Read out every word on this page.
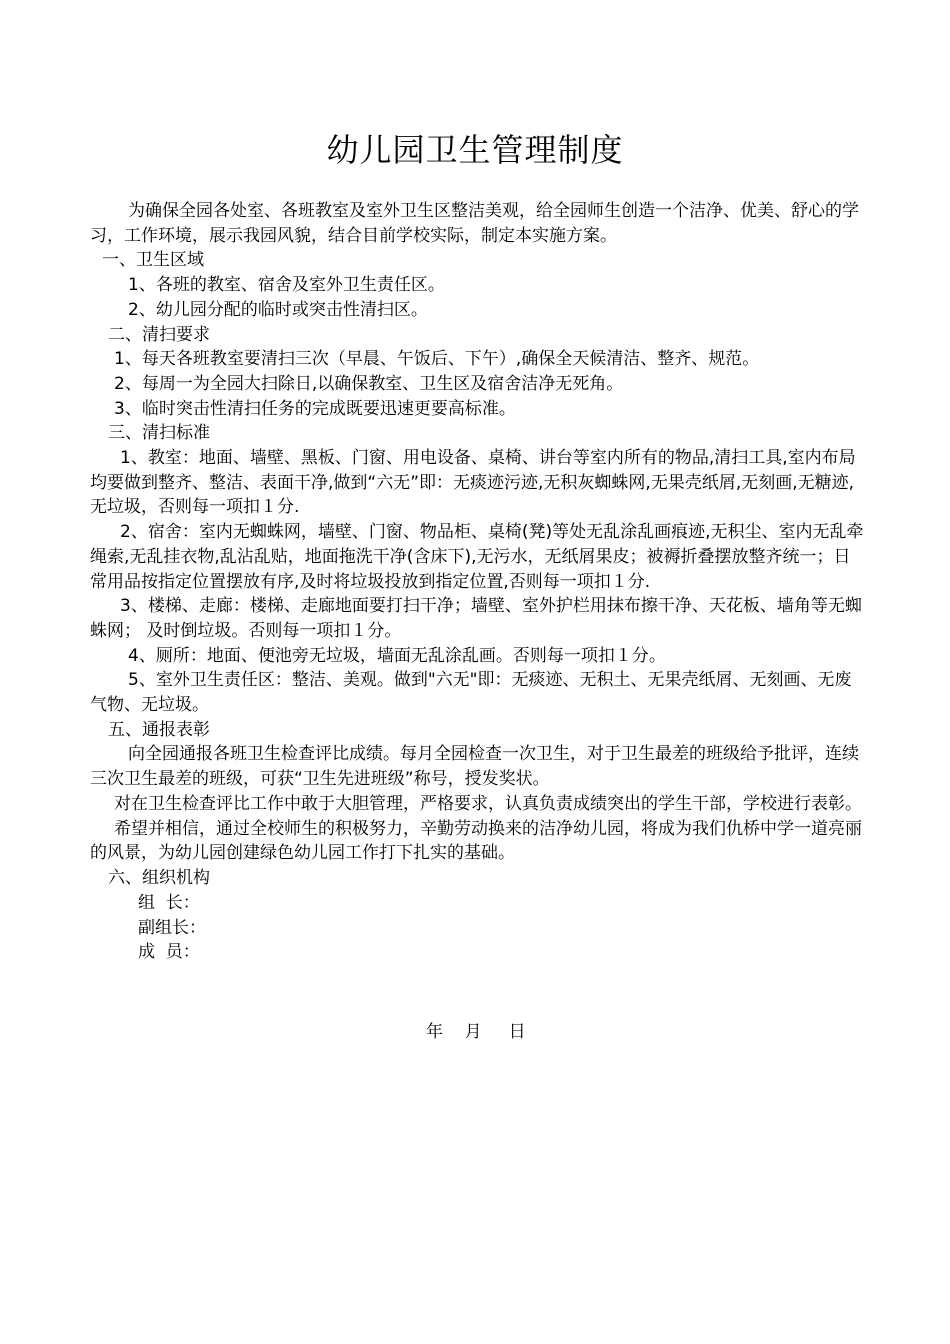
幼儿园卫生管理制度

为确保全园各处室、各班教室及室外卫生区整洁美观，给全园师生创造一个洁净、优美、舒心的学习，工作环境，展示我园风貌，结合目前学校实际，制定本实施方案。

一、卫生区域

1、各班的教室、宿舍及室外卫生责任区。

2、幼儿园分配的临时或突击性清扫区。

二、清扫要求

1、每天各班教室要清扫三次（早晨、午饭后、下午）,确保全天候清洁、整齐、规范。

2、每周一为全园大扫除日,以确保教室、卫生区及宿舍洁净无死角。

3、临时突击性清扫任务的完成既要迅速更要高标准。

三、清扫标准

1、教室：地面、墙壁、黑板、门窗、用电设备、桌椅、讲台等室内所有的物品,清扫工具,室内布局均要做到整齐、整洁、表面干净,做到“六无”即：无痰迹污迹,无积灰蜘蛛网,无果壳纸屑,无刻画,无糖迹,无垃圾，否则每一项扣１分.

2、宿舍：室内无蜘蛛网，墙壁、门窗、物品柜、桌椅(凳)等处无乱涂乱画痕迹,无积尘、室内无乱牵绳索,无乱挂衣物,乱沾乱贴，地面拖洗干净(含床下),无污水，无纸屑果皮；被褥折叠摆放整齐统一；日常用品按指定位置摆放有序,及时将垃圾投放到指定位置,否则每一项扣１分.

3、楼梯、走廊：楼梯、走廊地面要打扫干净；墙壁、室外护栏用抹布擦干净、天花板、墙角等无蜘蛛网； 及时倒垃圾。否则每一项扣１分。

4、厕所：地面、便池旁无垃圾，墙面无乱涂乱画。否则每一项扣１分。

5、室外卫生责任区：整洁、美观。做到"六无"即：无痰迹、无积土、无果壳纸屑、无刻画、无废气物、无垃圾。

五、通报表彰

向全园通报各班卫生检查评比成绩。每月全园检查一次卫生，对于卫生最差的班级给予批评，连续三次卫生最差的班级，可获“卫生先进班级”称号，授发奖状。

对在卫生检查评比工作中敢于大胆管理，严格要求，认真负责成绩突出的学生干部，学校进行表彰。

希望并相信，通过全校师生的积极努力，辛勤劳动换来的洁净幼儿园，将成为我们仇桥中学一道亮丽的风景，为幼儿园创建绿色幼儿园工作打下扎实的基础。

六、组织机构

组  长：
副组长：
成  员：
年    月     日
